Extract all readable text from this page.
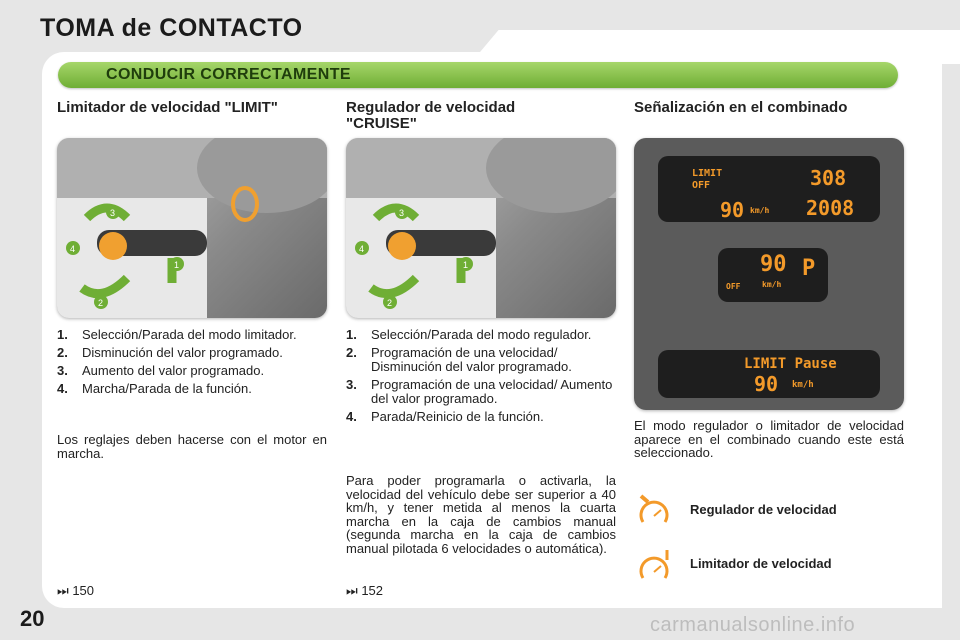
TOMA de CONTACTO
CONDUCIR CORRECTAMENTE
Limitador de velocidad "LIMIT"
3
4
1
2
1. Selección/Parada del modo limitador.
2. Disminución del valor programado.
3. Aumento del valor programado.
4. Marcha/Parada de la función.
Los reglajes deben hacerse con el motor en marcha.
⏭ 150
Regulador de velocidad "CRUISE"
3
4
1
2
1. Selección/Parada del modo regulador.
2. Programación de una velocidad/ Disminución del valor programado.
3. Programación de una velocidad/ Aumento del valor programado.
4. Parada/Reinicio de la función.
Para poder programarla o activarla, la velocidad del vehículo debe ser superior a 40 km/h, y tener metida al menos la cuarta marcha en la caja de cambios manual (segunda marcha en la caja de cambios manual pilotada 6 velocidades o automática).
⏭ 152
Señalización en el combinado
LIMIT
OFF
90 km/h
308
2008
OFF
90
km/h
P
LIMIT Pause
90 km/h
El modo regulador o limitador de velocidad aparece en el combinado cuando este está seleccionado.
Regulador de velocidad
Limitador de velocidad
20	carmanualsonline.info
